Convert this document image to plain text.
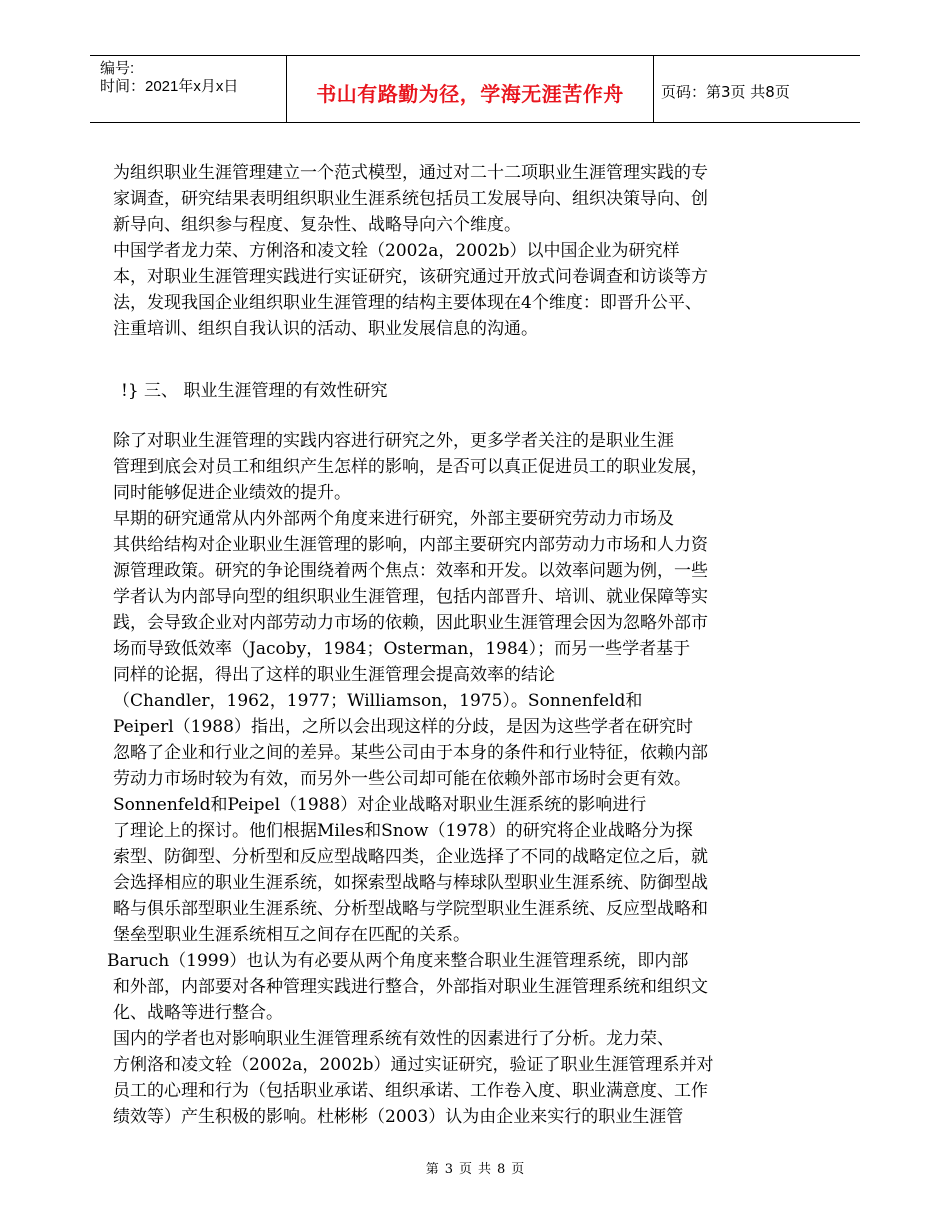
编号:
时间：2021年x月x日	书山有路勤为径，学海无涯苦作舟	页码：第3页 共8页
为组织职业生涯管理建立一个范式模型，通过对二十二项职业生涯管理实践的专
家调查，研究结果表明组织职业生涯系统包括员工发展导向、组织决策导向、创
新导向、组织参与程度、复杂性、战略导向六个维度。
中国学者龙力荣、方俐洛和凌文辁（2002a，2002b）以中国企业为研究样
本，对职业生涯管理实践进行实证研究，该研究通过开放式问卷调查和访谈等方
法，发现我国企业组织职业生涯管理的结构主要体现在4个维度：即晋升公平、
注重培训、组织自我认识的活动、职业发展信息的沟通。
!} 三、 职业生涯管理的有效性研究
除了对职业生涯管理的实践内容进行研究之外，更多学者关注的是职业生涯
管理到底会对员工和组织产生怎样的影响，是否可以真正促进员工的职业发展，
同时能够促进企业绩效的提升。
早期的研究通常从内外部两个角度来进行研究，外部主要研究劳动力市场及
其供给结构对企业职业生涯管理的影响，内部主要研究内部劳动力市场和人力资
源管理政策。研究的争论围绕着两个焦点：效率和开发。以效率问题为例，一些
学者认为内部导向型的组织职业生涯管理，包括内部晋升、培训、就业保障等实
践，会导致企业对内部劳动力市场的依赖，因此职业生涯管理会因为忽略外部市
场而导致低效率（Jacoby，1984；Osterman，1984）；而另一些学者基于
同样的论据，得出了这样的职业生涯管理会提高效率的结论
（Chandler，1962，1977；Williamson，1975）。Sonnenfeld和
Peiperl（1988）指出，之所以会出现这样的分歧，是因为这些学者在研究时
忽略了企业和行业之间的差异。某些公司由于本身的条件和行业特征，依赖内部
劳动力市场时较为有效，而另外一些公司却可能在依赖外部市场时会更有效。
Sonnenfeld和Peipel（1988）对企业战略对职业生涯系统的影响进行
了理论上的探讨。他们根据Miles和Snow（1978）的研究将企业战略分为探
索型、防御型、分析型和反应型战略四类，企业选择了不同的战略定位之后，就
会选择相应的职业生涯系统，如探索型战略与棒球队型职业生涯系统、防御型战
略与俱乐部型职业生涯系统、分析型战略与学院型职业生涯系统、反应型战略和
堡垒型职业生涯系统相互之间存在匹配的关系。
Baruch（1999）也认为有必要从两个角度来整合职业生涯管理系统，即内部
和外部，内部要对各种管理实践进行整合，外部指对职业生涯管理系统和组织文
化、战略等进行整合。
国内的学者也对影响职业生涯管理系统有效性的因素进行了分析。龙力荣、
方俐洛和凌文辁（2002a，2002b）通过实证研究，验证了职业生涯管理系并对
员工的心理和行为（包括职业承诺、组织承诺、工作卷入度、职业满意度、工作
绩效等）产生积极的影响。杜彬彬（2003）认为由企业来实行的职业生涯管
第 3 页 共 8 页
